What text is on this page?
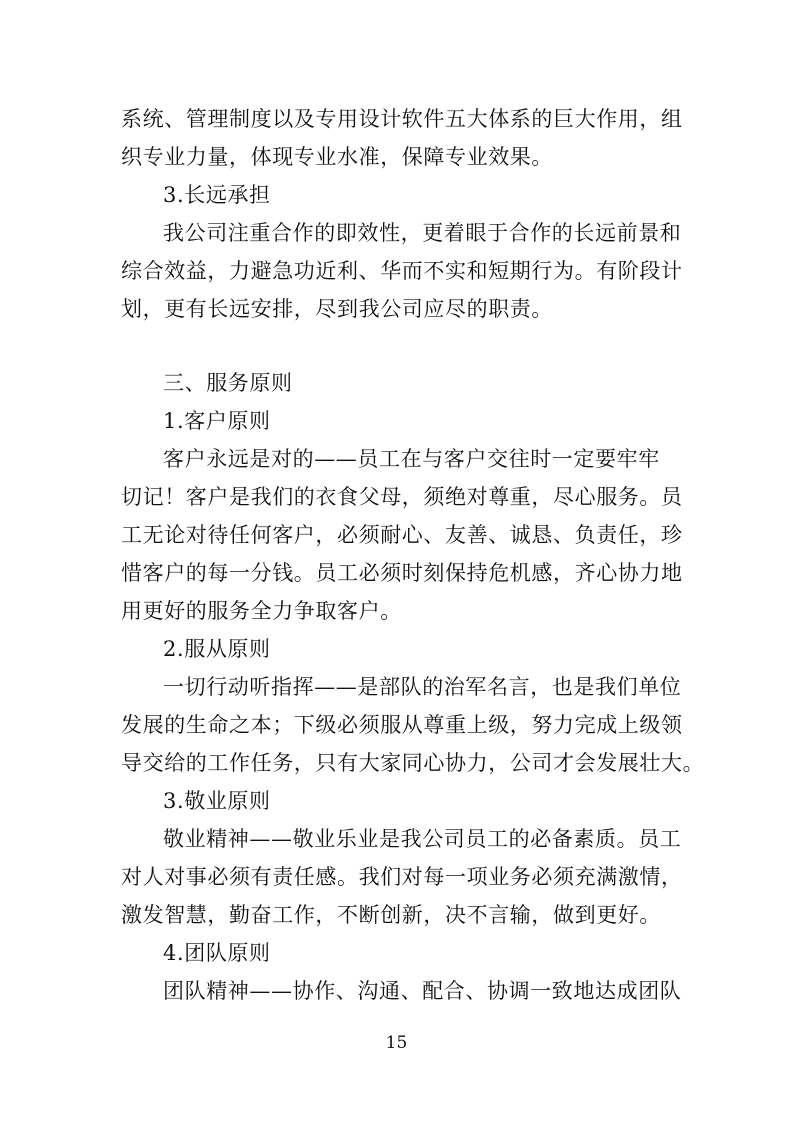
系统、管理制度以及专用设计软件五大体系的巨大作用，组
织专业力量，体现专业水准，保障专业效果。
3.长远承担
我公司注重合作的即效性，更着眼于合作的长远前景和
综合效益，力避急功近利、华而不实和短期行为。有阶段计
划，更有长远安排，尽到我公司应尽的职责。
三、服务原则
1.客户原则
客户永远是对的——员工在与客户交往时一定要牢牢
切记！客户是我们的衣食父母，须绝对尊重，尽心服务。员
工无论对待任何客户，必须耐心、友善、诚恳、负责任，珍
惜客户的每一分钱。员工必须时刻保持危机感，齐心协力地
用更好的服务全力争取客户。
2.服从原则
一切行动听指挥——是部队的治军名言，也是我们单位
发展的生命之本；下级必须服从尊重上级，努力完成上级领
导交给的工作任务，只有大家同心协力，公司才会发展壮大。
3.敬业原则
敬业精神——敬业乐业是我公司员工的必备素质。员工
对人对事必须有责任感。我们对每一项业务必须充满激情，
激发智慧，勤奋工作，不断创新，决不言输，做到更好。
4.团队原则
团队精神——协作、沟通、配合、协调一致地达成团队
15
